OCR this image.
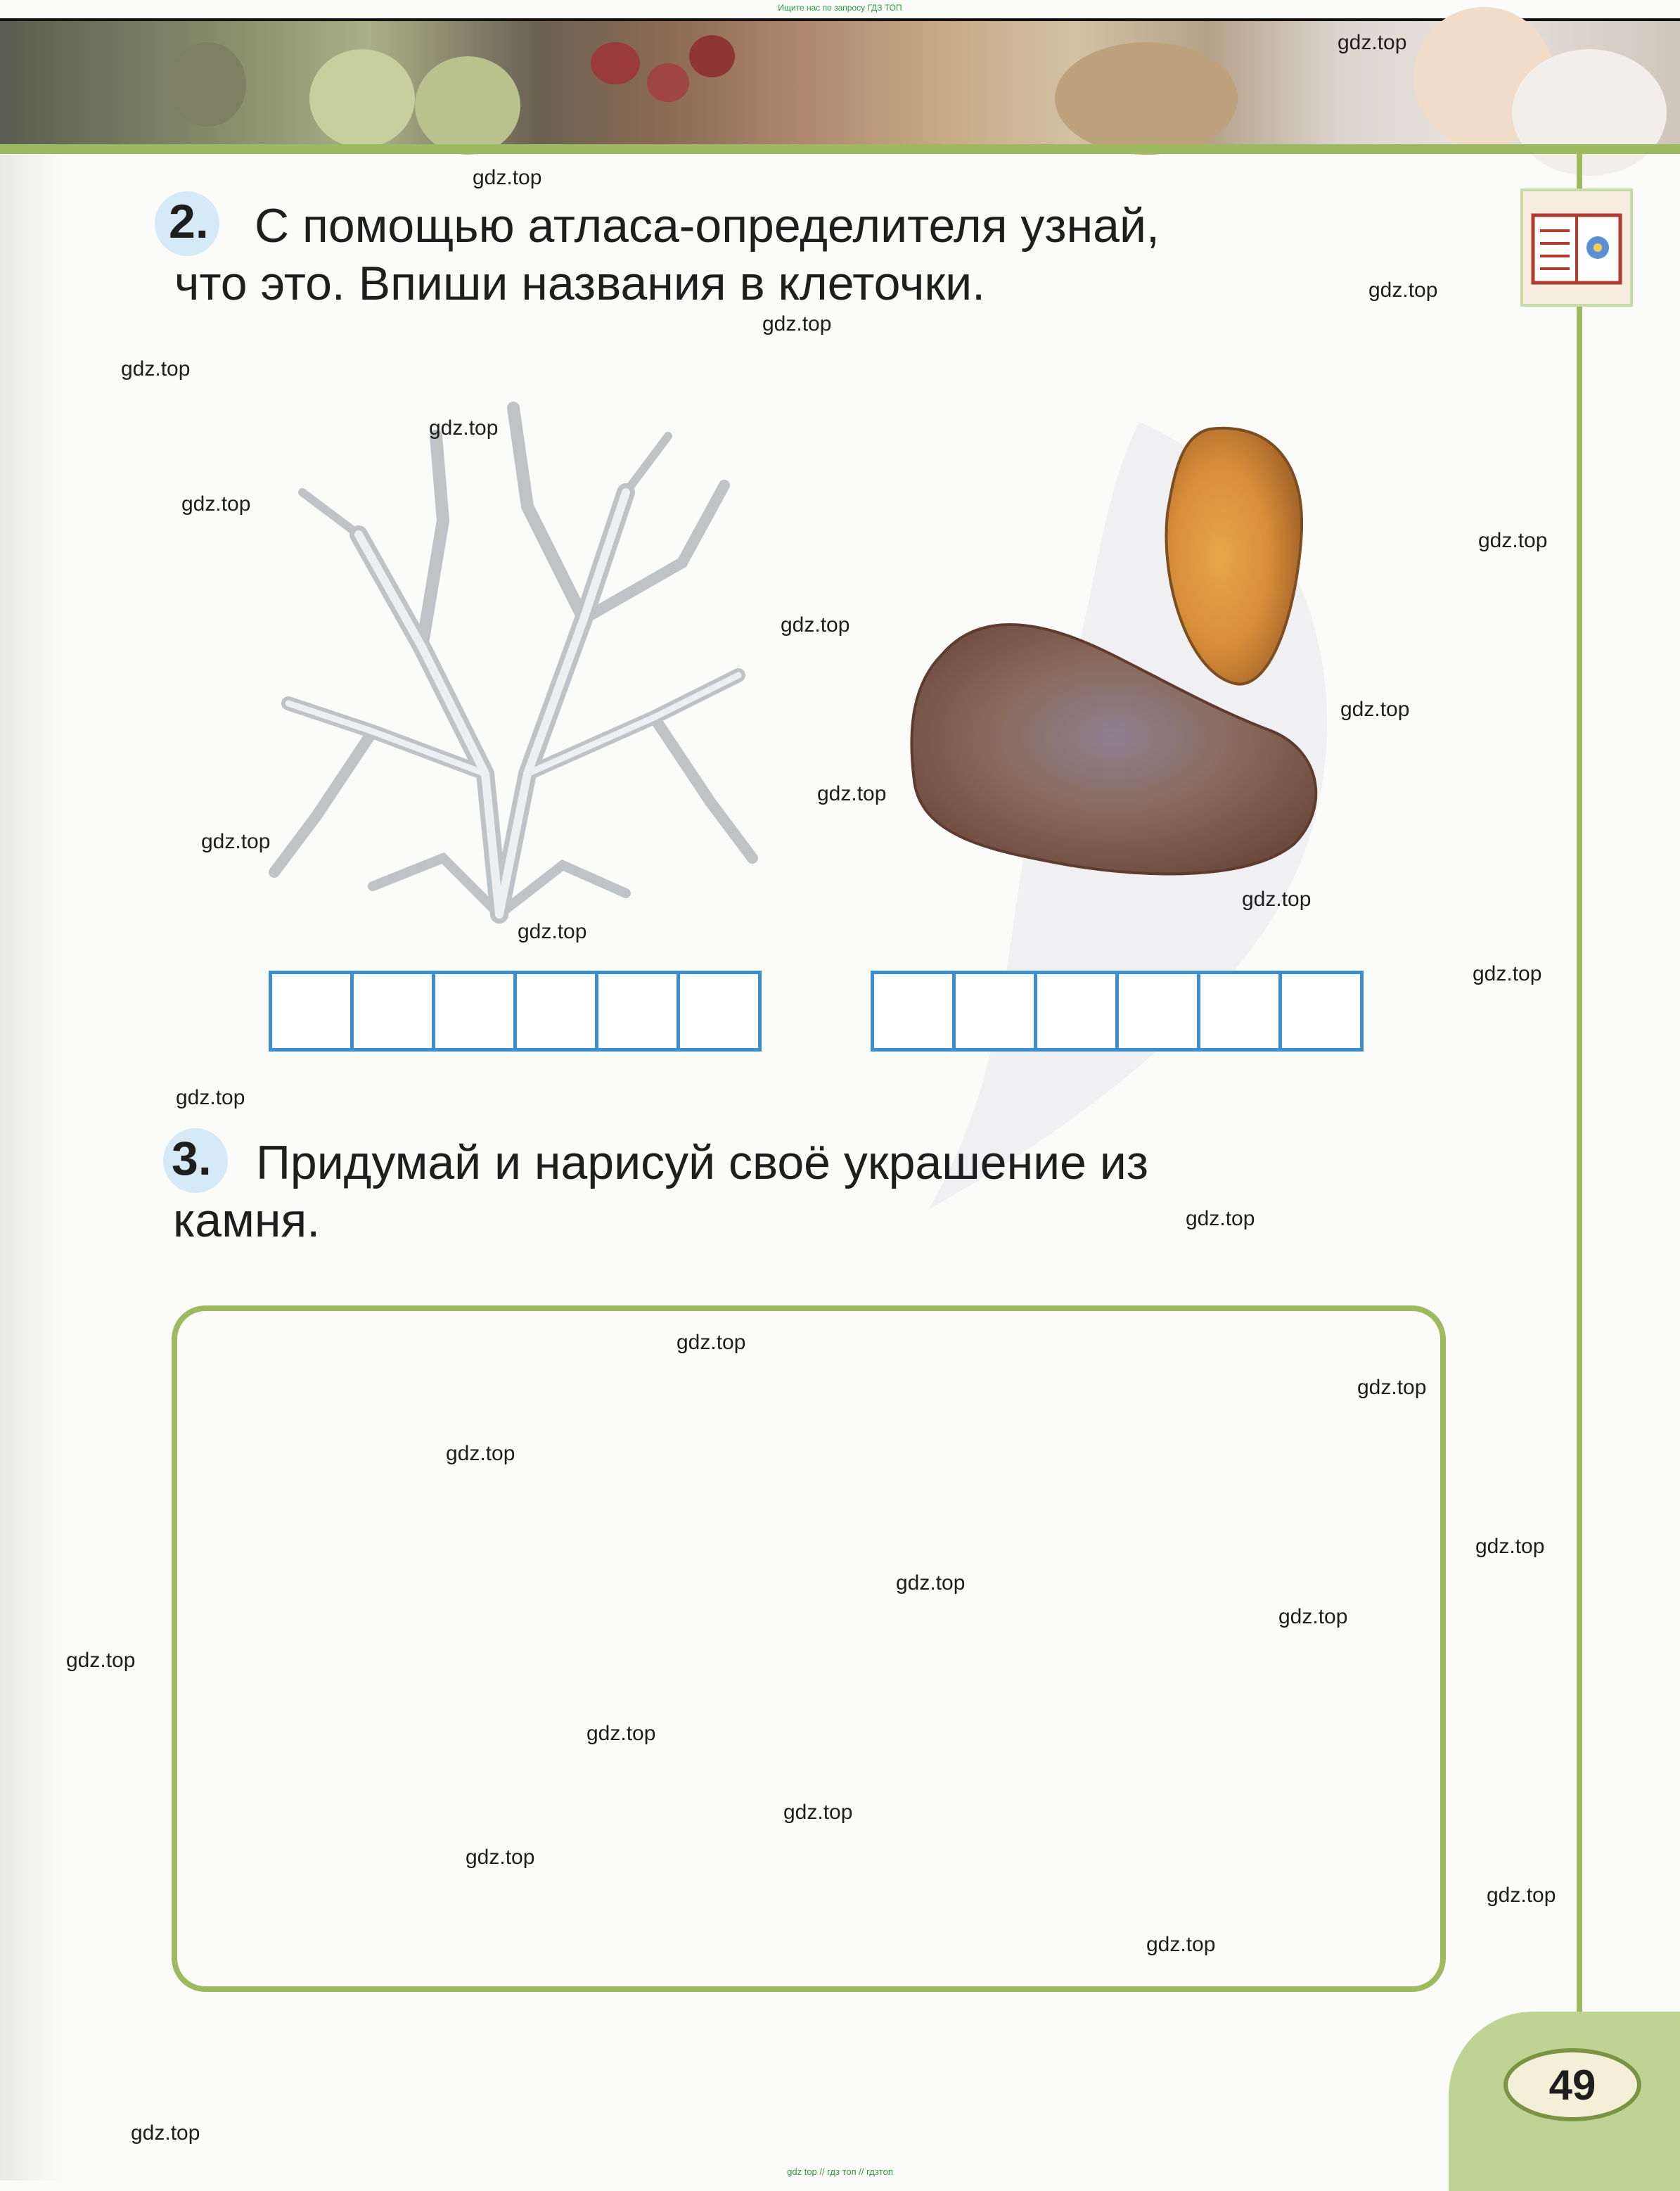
Ищите нас по запросу ГДЗ ТОП
2. С помощью атласа-определителя узнай,
что это. Впиши названия в клеточки.
3. Придумай и нарисуй своё украшение из
камня.
49
gdz top // гдз топ // гдзтоп
gdz.top
gdz.top
gdz.top
gdz.top
gdz.top
gdz.top
gdz.top
gdz.top
gdz.top
gdz.top
gdz.top
gdz.top
gdz.top
gdz.top
gdz.top
gdz.top
gdz.top
gdz.top
gdz.top
gdz.top
gdz.top
gdz.top
gdz.top
gdz.top
gdz.top
gdz.top
gdz.top
gdz.top
gdz.top
gdz.top
